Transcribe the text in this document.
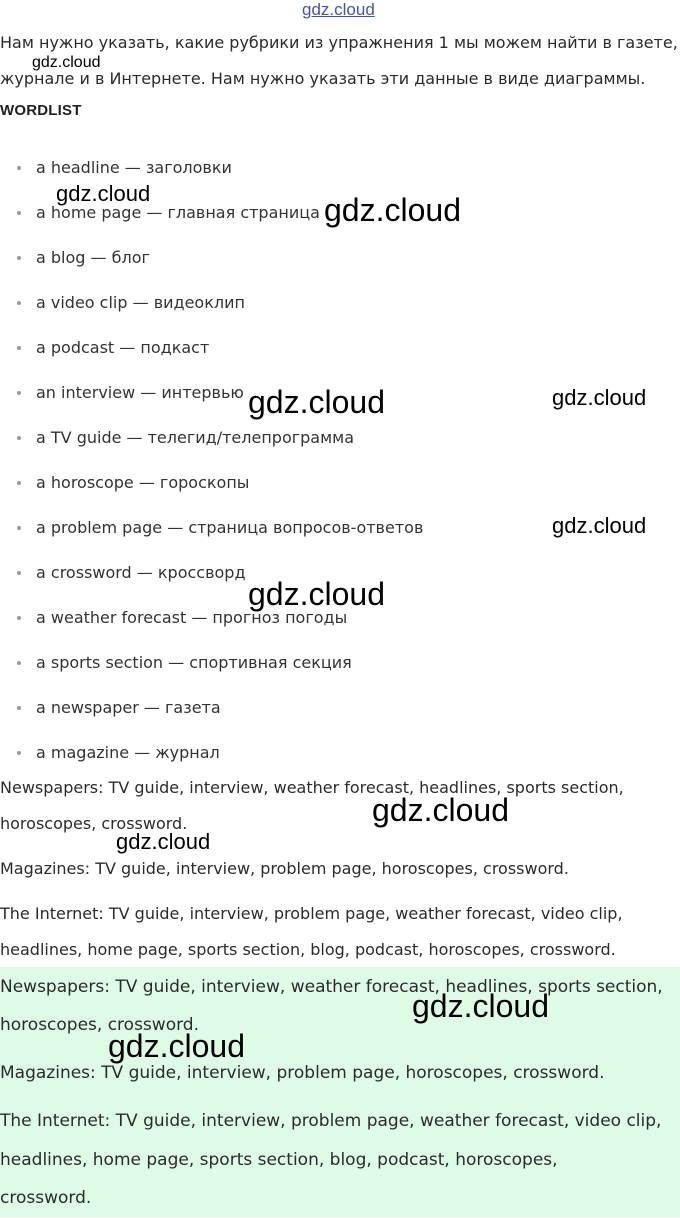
gdz.cloud

Нам нужно указать, какие рубрики из упражнения 1 мы можем найти в газете,

журнале и в Интернете. Нам нужно указать эти данные в виде диаграммы.

WORDLIST
a headline — заголовки
a home page — главная страница
a blog — блог
a video clip — видеоклип
a podcast — подкаст
an interview — интервью
a TV guide — телегид/телепрограмма
a horoscope — гороскопы
a problem page — страница вопросов-ответов
a crossword — кроссворд
a weather forecast — прогноз погоды
a sports section — спортивная секция
a newspaper — газета
a magazine — журнал

Newspapers: TV guide, interview, weather forecast, headlines, sports section,

horoscopes, crossword.

Magazines: TV guide, interview, problem page, horoscopes, crossword.

The Internet: TV guide, interview, problem page, weather forecast, video clip,

headlines, home page, sports section, blog, podcast, horoscopes, crossword.

Newspapers: TV guide, interview, weather forecast, headlines, sports section,

horoscopes, crossword.

Magazines: TV guide, interview, problem page, horoscopes, crossword.

The Internet: TV guide, interview, problem page, weather forecast, video clip,

headlines, home page, sports section, blog, podcast, horoscopes,

crossword.

gdz.cloud
gdz.cloud	gdz.cloud
gdz.cloud	gdz.cloud
gdz.cloud
gdz.cloud
gdz.cloud
gdz.cloud
gdz.cloud
gdz.cloud
